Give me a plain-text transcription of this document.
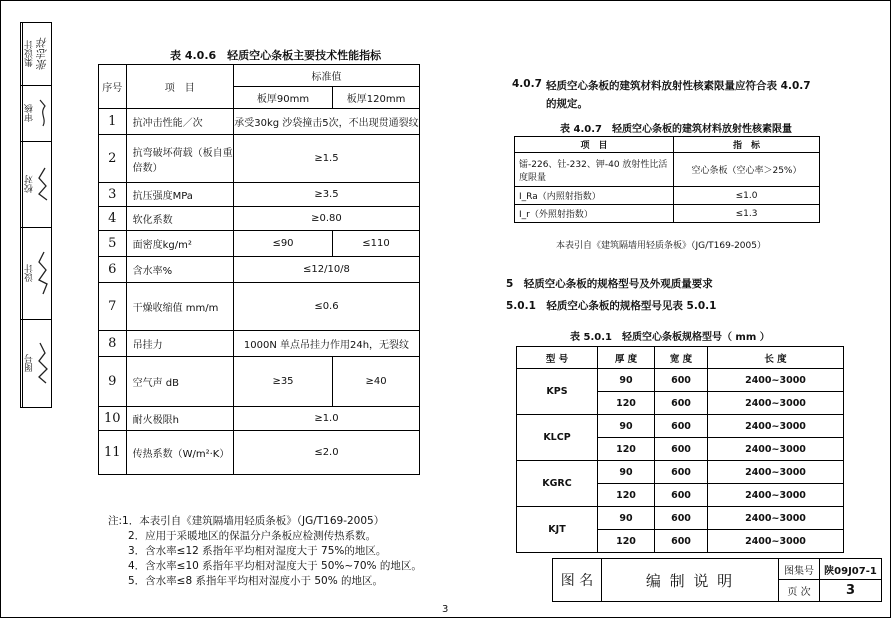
集设计 张志祥
审核
校对
设计
图号
表 4.0.6　轻质空心条板主要技术性能指标
序号	项　目	标准值	
		板厚90mm	板厚120mm
1	抗冲击性能／次	承受30kg 沙袋撞击5次，不出现贯通裂纹	
2	抗弯破坏荷载（板自重倍数）	≥1.5	
3	抗压强度MPa	≥3.5	
4	软化系数	≥0.80	
5	面密度kg/m²	≤90	≤110
6	含水率%	≤12/10/8	
7	干燥收缩值 mm/m	≤0.6	
8	吊挂力	1000N 单点吊挂力作用24h，无裂纹	
9	空气声 dB	≥35	≥40
10	耐火极限h	≥1.0	
11	传热系数（W/m²·K）	≤2.0	
注:1．本表引自《建筑隔墙用轻质条板》（JG/T169-2005）
2．应用于采暖地区的保温分户条板应检测传热系数。
3．含水率≤12 系指年平均相对湿度大于 75%的地区。
4．含水率≤10 系指年平均相对湿度大于 50%~70% 的地区。
5．含水率≤8 系指年平均相对湿度小于 50% 的地区。
4.0.7 轻质空心条板的建筑材料放射性核素限量应符合表 4.0.7
的规定。
表 4.0.7　轻质空心条板的建筑材料放射性核素限量
项　目	指　标
镭-226、钍-232、钾-40 放射性比活度限量	空心条板（空心率＞25%）
I_Ra（内照射指数）	≤1.0
I_r（外照射指数）	≤1.3
本表引自《建筑隔墙用轻质条板》（JG/T169-2005）
5　轻质空心条板的规格型号及外观质量要求
5.0.1　轻质空心条板的规格型号见表 5.0.1
表 5.0.1　轻质空心条板规格型号（ mm ）
型 号	厚 度	宽 度	长 度
KPS	90	600	2400~3000
	120	600	2400~3000
KLCP	90	600	2400~3000
	120	600	2400~3000
KGRC	90	600	2400~3000
	120	600	2400~3000
KJT	90	600	2400~3000
	120	600	2400~3000
图 名	编 制 说 明
图集号	陕09J07-1
页 次	3
3
